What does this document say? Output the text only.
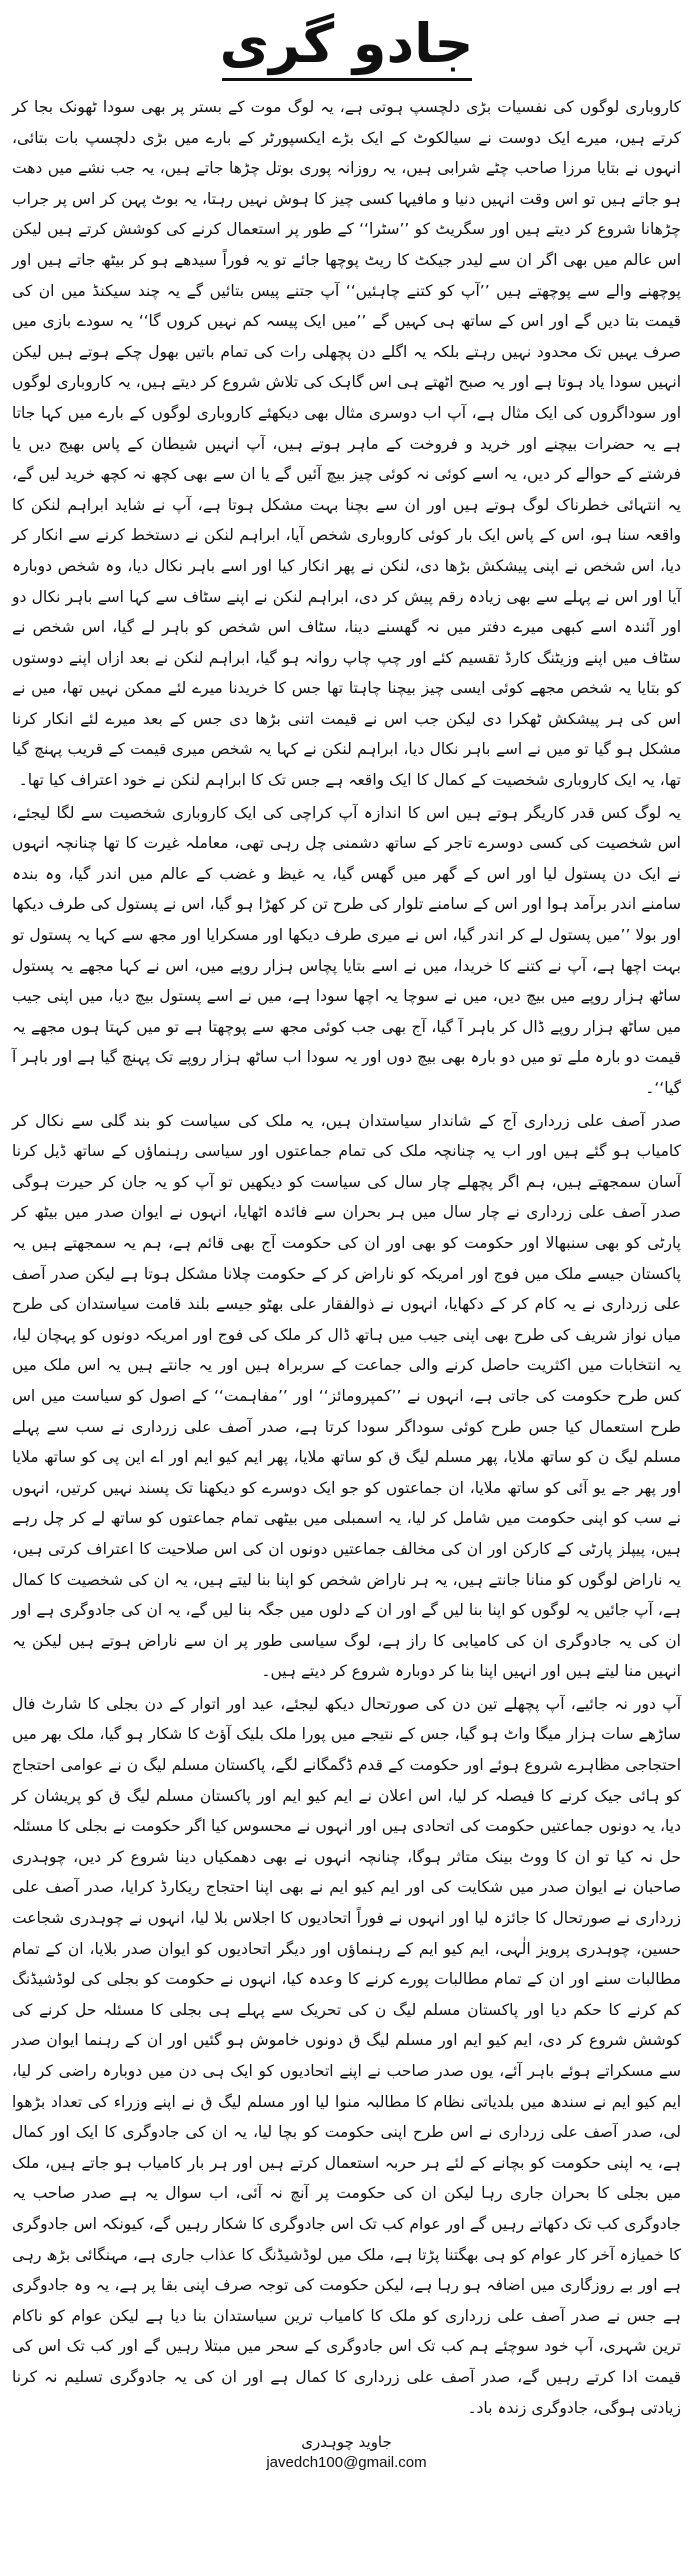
جادو گری

کاروباری لوگوں کی نفسیات بڑی دلچسپ ہوتی ہے، یہ لوگ موت کے بستر پر بھی سودا ٹھونک بجا کر کرتے ہیں، میرے ایک دوست نے سیالکوٹ کے ایک بڑے ایکسپورٹر کے بارے میں بڑی دلچسپ بات بتائی، انہوں نے بتایا مرزا صاحب چٹے شرابی ہیں، یہ روزانہ پوری بوتل چڑھا جاتے ہیں، یہ جب نشے میں دھت ہو جاتے ہیں تو اس وقت انہیں دنیا و مافیہا کسی چیز کا ہوش نہیں رہتا، یہ بوٹ پہن کر اس پر جراب چڑھانا شروع کر دیتے ہیں اور سگریٹ کو ’’سٹرا‘‘ کے طور پر استعمال کرنے کی کوشش کرتے ہیں لیکن اس عالم میں بھی اگر ان سے لیدر جیکٹ کا ریٹ پوچھا جائے تو یہ فوراً سیدھے ہو کر بیٹھ جاتے ہیں اور پوچھنے والے سے پوچھتے ہیں ’’آپ کو کتنے چاہئیں‘‘ آپ جتنے پیس بتائیں گے یہ چند سیکنڈ میں ان کی قیمت بتا دیں گے اور اس کے ساتھ ہی کہیں گے ’’میں ایک پیسہ کم نہیں کروں گا‘‘ یہ سودے بازی میں صرف یہیں تک محدود نہیں رہتے بلکہ یہ اگلے دن پچھلی رات کی تمام باتیں بھول چکے ہوتے ہیں لیکن انہیں سودا یاد ہوتا ہے اور یہ صبح اٹھتے ہی اس گاہک کی تلاش شروع کر دیتے ہیں، یہ کاروباری لوگوں اور سوداگروں کی ایک مثال ہے، آپ اب دوسری مثال بھی دیکھئے کاروباری لوگوں کے بارے میں کہا جاتا ہے یہ حضرات بیچنے اور خرید و فروخت کے ماہر ہوتے ہیں، آپ انہیں شیطان کے پاس بھیج دیں یا فرشتے کے حوالے کر دیں، یہ اسے کوئی نہ کوئی چیز بیچ آئیں گے یا ان سے بھی کچھ نہ کچھ خرید لیں گے، یہ انتہائی خطرناک لوگ ہوتے ہیں اور ان سے بچنا بہت مشکل ہوتا ہے، آپ نے شاید ابراہم لنکن کا واقعہ سنا ہو، اس کے پاس ایک بار کوئی کاروباری شخص آیا، ابراہم لنکن نے دستخط کرنے سے انکار کر دیا، اس شخص نے اپنی پیشکش بڑھا دی، لنکن نے پھر انکار کیا اور اسے باہر نکال دیا، وہ شخص دوبارہ آیا اور اس نے پہلے سے بھی زیادہ رقم پیش کر دی، ابراہم لنکن نے اپنے سٹاف سے کہا اسے باہر نکال دو اور آئندہ اسے کبھی میرے دفتر میں نہ گھسنے دینا، سٹاف اس شخص کو باہر لے گیا، اس شخص نے سٹاف میں اپنے وزیٹنگ کارڈ تقسیم کئے اور چپ چاپ روانہ ہو گیا، ابراہم لنکن نے بعد ازاں اپنے دوستوں کو بتایا یہ شخص مجھے کوئی ایسی چیز بیچنا چاہتا تھا جس کا خریدنا میرے لئے ممکن نہیں تھا، میں نے اس کی ہر پیشکش ٹھکرا دی لیکن جب اس نے قیمت اتنی بڑھا دی جس کے بعد میرے لئے انکار کرنا مشکل ہو گیا تو میں نے اسے باہر نکال دیا، ابراہم لنکن نے کہا یہ شخص میری قیمت کے قریب پہنچ گیا تھا، یہ ایک کاروباری شخصیت کے کمال کا ایک واقعہ ہے جس تک کا ابراہم لنکن نے خود اعتراف کیا تھا۔

یہ لوگ کس قدر کاریگر ہوتے ہیں اس کا اندازہ آپ کراچی کی ایک کاروباری شخصیت سے لگا لیجئے، اس شخصیت کی کسی دوسرے تاجر کے ساتھ دشمنی چل رہی تھی، معاملہ غیرت کا تھا چنانچہ انہوں نے ایک دن پستول لیا اور اس کے گھر میں گھس گیا، یہ غیظ و غضب کے عالم میں اندر گیا، وہ بندہ سامنے اندر برآمد ہوا اور اس کے سامنے تلوار کی طرح تن کر کھڑا ہو گیا، اس نے پستول کی طرف دیکھا اور بولا ’’میں پستول لے کر اندر گیا، اس نے میری طرف دیکھا اور مسکرایا اور مجھ سے کہا یہ پستول تو بہت اچھا ہے، آپ نے کتنے کا خریدا، میں نے اسے بتایا پچاس ہزار روپے میں، اس نے کہا مجھے یہ پستول ساٹھ ہزار روپے میں بیچ دیں، میں نے سوچا یہ اچھا سودا ہے، میں نے اسے پستول بیچ دیا، میں اپنی جیب میں ساٹھ ہزار روپے ڈال کر باہر آ گیا، آج بھی جب کوئی مجھ سے پوچھتا ہے تو میں کہتا ہوں مجھے یہ قیمت دو بارہ ملے تو میں دو بارہ بھی بیچ دوں اور یہ سودا اب ساٹھ ہزار روپے تک پہنچ گیا ہے اور باہر آ گیا‘‘۔

صدر آصف علی زرداری آج کے شاندار سیاستدان ہیں، یہ ملک کی سیاست کو بند گلی سے نکال کر کامیاب ہو گئے ہیں اور اب یہ چنانچہ ملک کی تمام جماعتوں اور سیاسی رہنماؤں کے ساتھ ڈیل کرنا آسان سمجھتے ہیں، ہم اگر پچھلے چار سال کی سیاست کو دیکھیں تو آپ کو یہ جان کر حیرت ہوگی صدر آصف علی زرداری نے چار سال میں ہر بحران سے فائدہ اٹھایا، انہوں نے ایوان صدر میں بیٹھ کر پارٹی کو بھی سنبھالا اور حکومت کو بھی اور ان کی حکومت آج بھی قائم ہے، ہم یہ سمجھتے ہیں یہ پاکستان جیسے ملک میں فوج اور امریکہ کو ناراض کر کے حکومت چلانا مشکل ہوتا ہے لیکن صدر آصف علی زرداری نے یہ کام کر کے دکھایا، انہوں نے ذوالفقار علی بھٹو جیسے بلند قامت سیاستدان کی طرح میاں نواز شریف کی طرح بھی اپنی جیب میں ہاتھ ڈال کر ملک کی فوج اور امریکہ دونوں کو پہچان لیا، یہ انتخابات میں اکثریت حاصل کرنے والی جماعت کے سربراہ ہیں اور یہ جانتے ہیں یہ اس ملک میں کس طرح حکومت کی جاتی ہے، انہوں نے ’’کمپرومائز‘‘ اور ’’مفاہمت‘‘ کے اصول کو سیاست میں اس طرح استعمال کیا جس طرح کوئی سوداگر سودا کرتا ہے، صدر آصف علی زرداری نے سب سے پہلے مسلم لیگ ن کو ساتھ ملایا، پھر مسلم لیگ ق کو ساتھ ملایا، پھر ایم کیو ایم اور اے این پی کو ساتھ ملایا اور پھر جے یو آئی کو ساتھ ملایا، ان جماعتوں کو جو ایک دوسرے کو دیکھنا تک پسند نہیں کرتیں، انہوں نے سب کو اپنی حکومت میں شامل کر لیا، یہ اسمبلی میں بیٹھی تمام جماعتوں کو ساتھ لے کر چل رہے ہیں، پیپلز پارٹی کے کارکن اور ان کی مخالف جماعتیں دونوں ان کی اس صلاحیت کا اعتراف کرتی ہیں، یہ ناراض لوگوں کو منانا جانتے ہیں، یہ ہر ناراض شخص کو اپنا بنا لیتے ہیں، یہ ان کی شخصیت کا کمال ہے، آپ جائیں یہ لوگوں کو اپنا بنا لیں گے اور ان کے دلوں میں جگہ بنا لیں گے، یہ ان کی جادوگری ہے اور ان کی یہ جادوگری ان کی کامیابی کا راز ہے، لوگ سیاسی طور پر ان سے ناراض ہوتے ہیں لیکن یہ انہیں منا لیتے ہیں اور انہیں اپنا بنا کر دوبارہ شروع کر دیتے ہیں۔

آپ دور نہ جائیے، آپ پچھلے تین دن کی صورتحال دیکھ لیجئے، عید اور اتوار کے دن بجلی کا شارٹ فال ساڑھے سات ہزار میگا واٹ ہو گیا، جس کے نتیجے میں پورا ملک بلیک آؤٹ کا شکار ہو گیا، ملک بھر میں احتجاجی مظاہرے شروع ہوئے اور حکومت کے قدم ڈگمگانے لگے، پاکستان مسلم لیگ ن نے عوامی احتجاج کو ہائی جیک کرنے کا فیصلہ کر لیا، اس اعلان نے ایم کیو ایم اور پاکستان مسلم لیگ ق کو پریشان کر دیا، یہ دونوں جماعتیں حکومت کی اتحادی ہیں اور انہوں نے محسوس کیا اگر حکومت نے بجلی کا مسئلہ حل نہ کیا تو ان کا ووٹ بینک متاثر ہوگا، چنانچہ انہوں نے بھی دھمکیاں دینا شروع کر دیں، چوہدری صاحبان نے ایوان صدر میں شکایت کی اور ایم کیو ایم نے بھی اپنا احتجاج ریکارڈ کرایا، صدر آصف علی زرداری نے صورتحال کا جائزہ لیا اور انہوں نے فوراً اتحادیوں کا اجلاس بلا لیا، انہوں نے چوہدری شجاعت حسین، چوہدری پرویز الٰہی، ایم کیو ایم کے رہنماؤں اور دیگر اتحادیوں کو ایوان صدر بلایا، ان کے تمام مطالبات سنے اور ان کے تمام مطالبات پورے کرنے کا وعدہ کیا، انہوں نے حکومت کو بجلی کی لوڈشیڈنگ کم کرنے کا حکم دیا اور پاکستان مسلم لیگ ن کی تحریک سے پہلے ہی بجلی کا مسئلہ حل کرنے کی کوشش شروع کر دی، ایم کیو ایم اور مسلم لیگ ق دونوں خاموش ہو گئیں اور ان کے رہنما ایوان صدر سے مسکراتے ہوئے باہر آئے، یوں صدر صاحب نے اپنے اتحادیوں کو ایک ہی دن میں دوبارہ راضی کر لیا، ایم کیو ایم نے سندھ میں بلدیاتی نظام کا مطالبہ منوا لیا اور مسلم لیگ ق نے اپنے وزراء کی تعداد بڑھوا لی، صدر آصف علی زرداری نے اس طرح اپنی حکومت کو بچا لیا، یہ ان کی جادوگری کا ایک اور کمال ہے، یہ اپنی حکومت کو بچانے کے لئے ہر حربہ استعمال کرتے ہیں اور ہر بار کامیاب ہو جاتے ہیں، ملک میں بجلی کا بحران جاری رہا لیکن ان کی حکومت پر آنچ نہ آئی، اب سوال یہ ہے صدر صاحب یہ جادوگری کب تک دکھاتے رہیں گے اور عوام کب تک اس جادوگری کا شکار رہیں گے، کیونکہ اس جادوگری کا خمیازہ آخر کار عوام کو ہی بھگتنا پڑتا ہے، ملک میں لوڈشیڈنگ کا عذاب جاری ہے، مہنگائی بڑھ رہی ہے اور بے روزگاری میں اضافہ ہو رہا ہے، لیکن حکومت کی توجہ صرف اپنی بقا پر ہے، یہ وہ جادوگری ہے جس نے صدر آصف علی زرداری کو ملک کا کامیاب ترین سیاستدان بنا دیا ہے لیکن عوام کو ناکام ترین شہری، آپ خود سوچئے ہم کب تک اس جادوگری کے سحر میں مبتلا رہیں گے اور کب تک اس کی قیمت ادا کرتے رہیں گے، صدر آصف علی زرداری کا کمال ہے اور ان کی یہ جادوگری تسلیم نہ کرنا زیادتی ہوگی، جادوگری زندہ باد۔

جاوید چوہدری
javedch100@gmail.com
